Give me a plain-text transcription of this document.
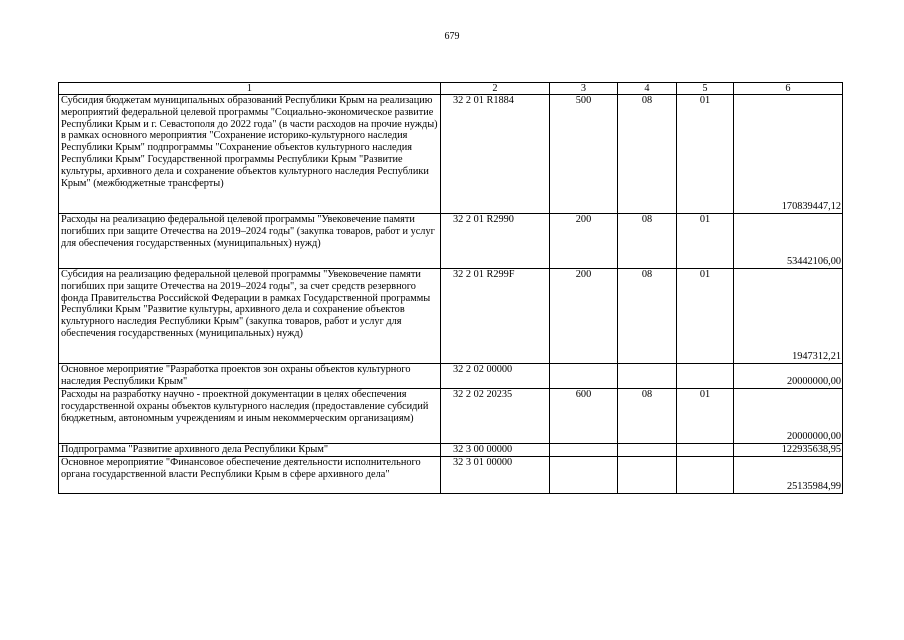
679
1	2	3	4	5	6
Субсидия бюджетам муниципальных образований Республики Крым на реализацию мероприятий федеральной целевой программы "Социально-экономическое развитие Республики Крым и г. Севастополя до 2022 года" (в части расходов на прочие нужды) в рамках основного мероприятия "Сохранение историко-культурного наследия Республики Крым" подпрограммы "Сохранение объектов культурного наследия Республики Крым" Государственной программы Республики Крым "Развитие культуры, архивного дела и сохранение объектов культурного наследия Республики Крым" (межбюджетные трансферты)	32 2 01 R1884	500	08	01	170839447,12
Расходы на реализацию федеральной целевой программы "Увековечение памяти погибших при защите Отечества на 2019–2024 годы" (закупка товаров, работ и услуг для обеспечения государственных (муниципальных) нужд)	32 2 01 R2990	200	08	01	53442106,00
Субсидия на реализацию федеральной целевой программы "Увековечение памяти погибших при защите Отечества на 2019–2024 годы", за счет средств резервного фонда Правительства Российской Федерации в рамках Государственной программы Республики Крым "Развитие культуры, архивного дела и сохранение объектов культурного наследия Республики Крым" (закупка товаров, работ и услуг для обеспечения государственных (муниципальных) нужд)	32 2 01 R299F	200	08	01	1947312,21
Основное мероприятие "Разработка проектов зон охраны объектов культурного наследия Республики Крым"	32 2 02 00000				20000000,00
Расходы на разработку научно - проектной документации в целях обеспечения государственной охраны объектов культурного наследия (предоставление субсидий бюджетным, автономным учреждениям и иным некоммерческим организациям)	32 2 02 20235	600	08	01	20000000,00
Подпрограмма "Развитие архивного дела Республики Крым"	32 3 00 00000				122935638,95
Основное мероприятие "Финансовое обеспечение деятельности исполнительного органа государственной власти Республики Крым в сфере архивного дела"	32 3 01 00000				25135984,99
